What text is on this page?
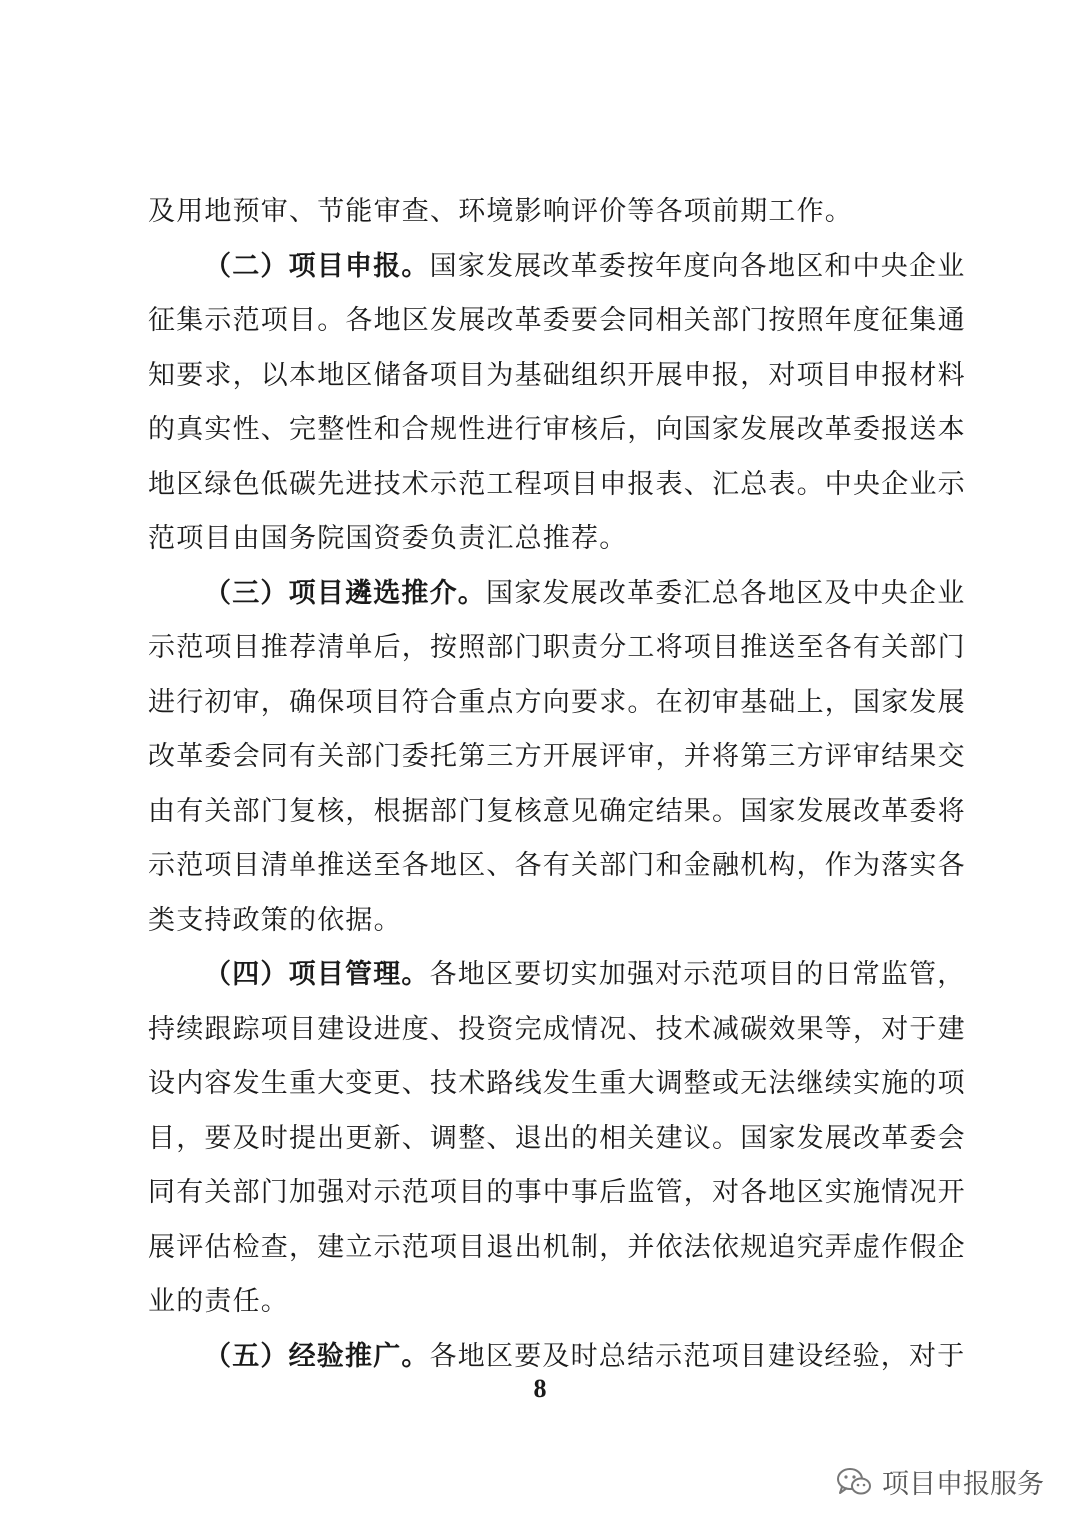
及用地预审、节能审查、环境影响评价等各项前期工作。
（二）项目申报。国家发展改革委按年度向各地区和中央企业
征集示范项目。各地区发展改革委要会同相关部门按照年度征集通
知要求，以本地区储备项目为基础组织开展申报，对项目申报材料
的真实性、完整性和合规性进行审核后，向国家发展改革委报送本
地区绿色低碳先进技术示范工程项目申报表、汇总表。中央企业示
范项目由国务院国资委负责汇总推荐。
（三）项目遴选推介。国家发展改革委汇总各地区及中央企业
示范项目推荐清单后，按照部门职责分工将项目推送至各有关部门
进行初审，确保项目符合重点方向要求。在初审基础上，国家发展
改革委会同有关部门委托第三方开展评审，并将第三方评审结果交
由有关部门复核，根据部门复核意见确定结果。国家发展改革委将
示范项目清单推送至各地区、各有关部门和金融机构，作为落实各
类支持政策的依据。
（四）项目管理。各地区要切实加强对示范项目的日常监管，
持续跟踪项目建设进度、投资完成情况、技术减碳效果等，对于建
设内容发生重大变更、技术路线发生重大调整或无法继续实施的项
目，要及时提出更新、调整、退出的相关建议。国家发展改革委会
同有关部门加强对示范项目的事中事后监管，对各地区实施情况开
展评估检查，建立示范项目退出机制，并依法依规追究弄虚作假企
业的责任。
（五）经验推广。各地区要及时总结示范项目建设经验，对于
8
项目申报服务
